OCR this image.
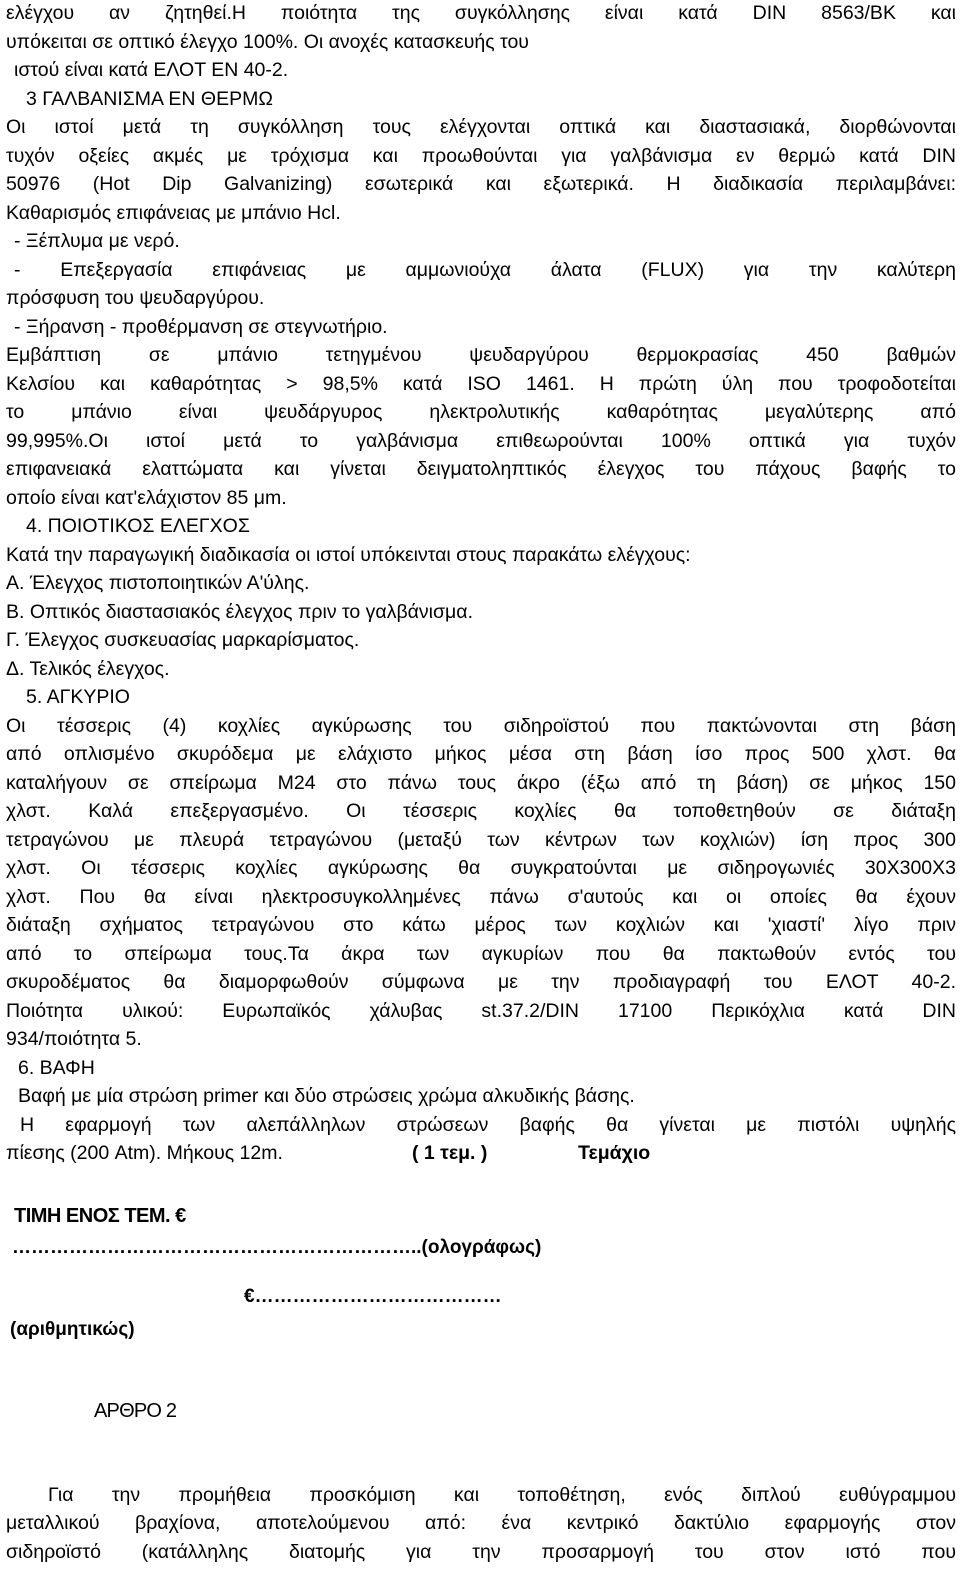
ελέγχου αν ζητηθεί.Η ποιότητα της συγκόλλησης είναι κατά DIN 8563/BK και
υπόκειται σε οπτικό έλεγχο 100%. Οι ανοχές κατασκευής του
ιστού είναι κατά ΕΛΟΤ ΕΝ 40-2.
3 ΓΑΛΒΑΝΙΣΜΑ ΕΝ ΘΕΡΜΩ
Οι ιστοί μετά τη συγκόλληση τους ελέγχονται οπτικά και διαστασιακά, διορθώνονται
τυχόν οξείες ακμές με τρόχισμα και προωθούνται για γαλβάνισμα εν θερμώ κατά DIN
50976 (Hot Dip Galvanizing) εσωτερικά και εξωτερικά. Η διαδικασία περιλαμβάνει:
Καθαρισμός επιφάνειας με μπάνιο Hcl.
- Ξέπλυμα με νερό.
- Επεξεργασία επιφάνειας με αμμωνιούχα άλατα (FLUX) για την καλύτερη
πρόσφυση του ψευδαργύρου.
- Ξήρανση - προθέρμανση σε στεγνωτήριο.
Εμβάπτιση σε μπάνιο τετηγμένου ψευδαργύρου θερμοκρασίας 450 βαθμών
Κελσίου και καθαρότητας > 98,5% κατά ISO 1461. Η πρώτη ύλη που τροφοδοτείται
το μπάνιο είναι ψευδάργυρος ηλεκτρολυτικής καθαρότητας μεγαλύτερης από
99,995%.Οι ιστοί μετά το γαλβάνισμα επιθεωρούνται 100% οπτικά για τυχόν
επιφανειακά ελαττώματα και γίνεται δειγματοληπτικός έλεγχος του πάχους βαφής το
οποίο είναι κατ'ελάχιστον 85 μm.
4. ΠΟΙΟΤΙΚΟΣ ΕΛΕΓΧΟΣ
Κατά την παραγωγική διαδικασία οι ιστοί υπόκεινται στους παρακάτω ελέγχους:
Α. Έλεγχος πιστοποιητικών Α'ύλης.
Β. Οπτικός διαστασιακός έλεγχος πριν το γαλβάνισμα.
Γ. Έλεγχος συσκευασίας μαρκαρίσματος.
Δ. Τελικός έλεγχος.
5. ΑΓΚΥΡΙΟ
Οι τέσσερις (4) κοχλίες αγκύρωσης του σιδηροϊστού που πακτώνονται στη βάση
από οπλισμένο σκυρόδεμα με ελάχιστο μήκος μέσα στη βάση ίσο προς 500 χλστ. θα
καταλήγουν σε σπείρωμα Μ24 στο πάνω τους άκρο (έξω από τη βάση) σε μήκος 150
χλστ. Καλά επεξεργασμένο. Οι τέσσερις κοχλίες θα τοποθετηθούν σε διάταξη
τετραγώνου με πλευρά τετραγώνου (μεταξύ των κέντρων των κοχλιών) ίση προς 300
χλστ. Οι τέσσερις κοχλίες αγκύρωσης θα συγκρατούνται με σιδηρογωνιές 30Χ300Χ3
χλστ. Που θα είναι ηλεκτροσυγκολλημένες πάνω σ'αυτούς και οι οποίες θα έχουν
διάταξη σχήματος τετραγώνου στο κάτω μέρος των κοχλιών και 'χιαστί' λίγο πριν
από το σπείρωμα τους.Τα άκρα των αγκυρίων που θα πακτωθούν εντός του
σκυροδέματος θα διαμορφωθούν σύμφωνα με την προδιαγραφή του ΕΛΟΤ 40-2.
Ποιότητα υλικού: Ευρωπαϊκός χάλυβας st.37.2/DIN 17100 Περικόχλια κατά DIN
934/ποιότητα 5.
6. ΒΑΦΗ
Βαφή με μία στρώση primer και δύο στρώσεις χρώμα αλκυδικής βάσης.
Η εφαρμογή των αλεπάλληλων στρώσεων βαφής θα γίνεται με πιστόλι υψηλής
πίεσης (200 Atm). Μήκους 12m.	( 1 τεμ. )	Τεμάχιο
ΤΙΜΗ ΕΝΟΣ ΤΕΜ. €
………………………………………………………..(ολογράφως)
€…………………………………
(αριθμητικώς)
ΑΡΘΡΟ 2
Για την προμήθεια προσκόμιση και τοποθέτηση, ενός διπλού ευθύγραμμου
μεταλλικού βραχίονα, αποτελούμενου από: ένα κεντρικό δακτύλιο εφαρμογής στον
σιδηροϊστό (κατάλληλης διατομής για την προσαρμογή του στον ιστό που
